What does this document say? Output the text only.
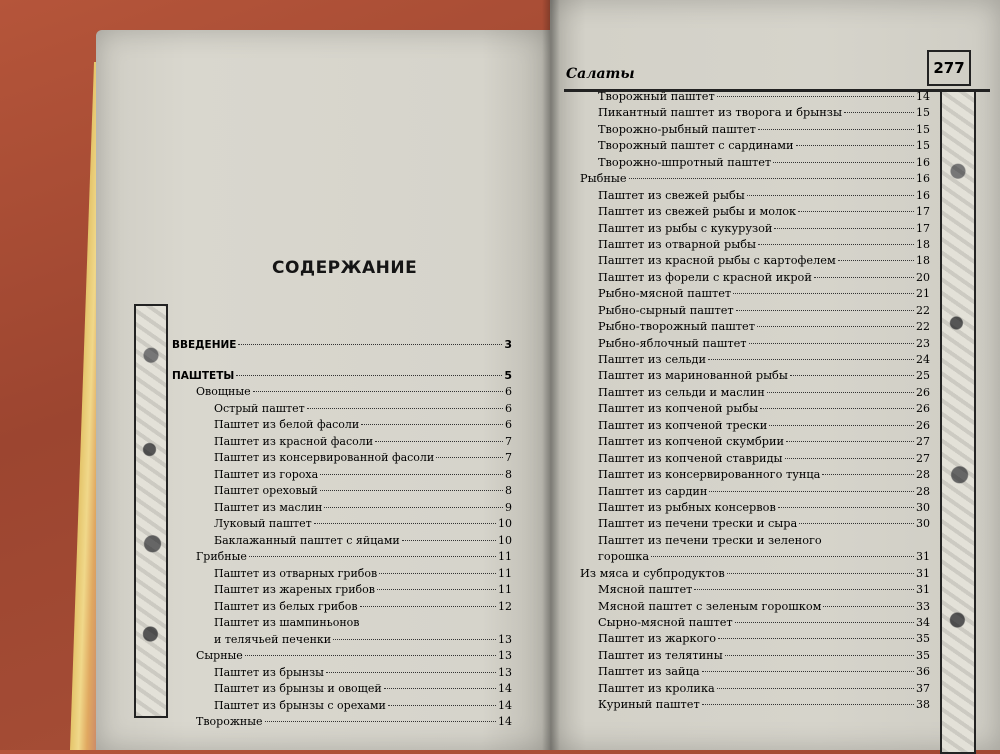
СОДЕРЖАНИЕ
ВВЕДЕНИЕ	3
ПАШТЕТЫ	5
Овощные	6
Острый паштет	6
Паштет из белой фасоли	6
Паштет из красной фасоли	7
Паштет из консервированной фасоли	7
Паштет из гороха	8
Паштет ореховый	8
Паштет из маслин	9
Луковый паштет	10
Баклажанный паштет с яйцами	10
Грибные	11
Паштет из отварных грибов	11
Паштет из жареных грибов	11
Паштет из белых грибов	12
Паштет из шампиньонов
и телячьей печенки	13
Сырные	13
Паштет из брынзы	13
Паштет из брынзы и овощей	14
Паштет из брынзы с орехами	14
Творожные	14
Салаты	277
Творожный паштет	14
Пикантный паштет из творога и брынзы	15
Творожно-рыбный паштет	15
Творожный паштет с сардинами	15
Творожно-шпротный паштет	16
Рыбные	16
Паштет из свежей рыбы	16
Паштет из свежей рыбы и молок	17
Паштет из рыбы с кукурузой	17
Паштет из отварной рыбы	18
Паштет из красной рыбы с картофелем	18
Паштет из форели с красной икрой	20
Рыбно-мясной паштет	21
Рыбно-сырный паштет	22
Рыбно-творожный паштет	22
Рыбно-яблочный паштет	23
Паштет из сельди	24
Паштет из маринованной рыбы	25
Паштет из сельди и маслин	26
Паштет из копченой рыбы	26
Паштет из копченой трески	26
Паштет из копченой скумбрии	27
Паштет из копченой ставриды	27
Паштет из консервированного тунца	28
Паштет из сардин	28
Паштет из рыбных консервов	30
Паштет из печени трески и сыра	30
Паштет из печени трески и зеленого
горошка	31
Из мяса и субпродуктов	31
Мясной паштет	31
Мясной паштет с зеленым горошком	33
Сырно-мясной паштет	34
Паштет из жаркого	35
Паштет из телятины	35
Паштет из зайца	36
Паштет из кролика	37
Куриный паштет	38
